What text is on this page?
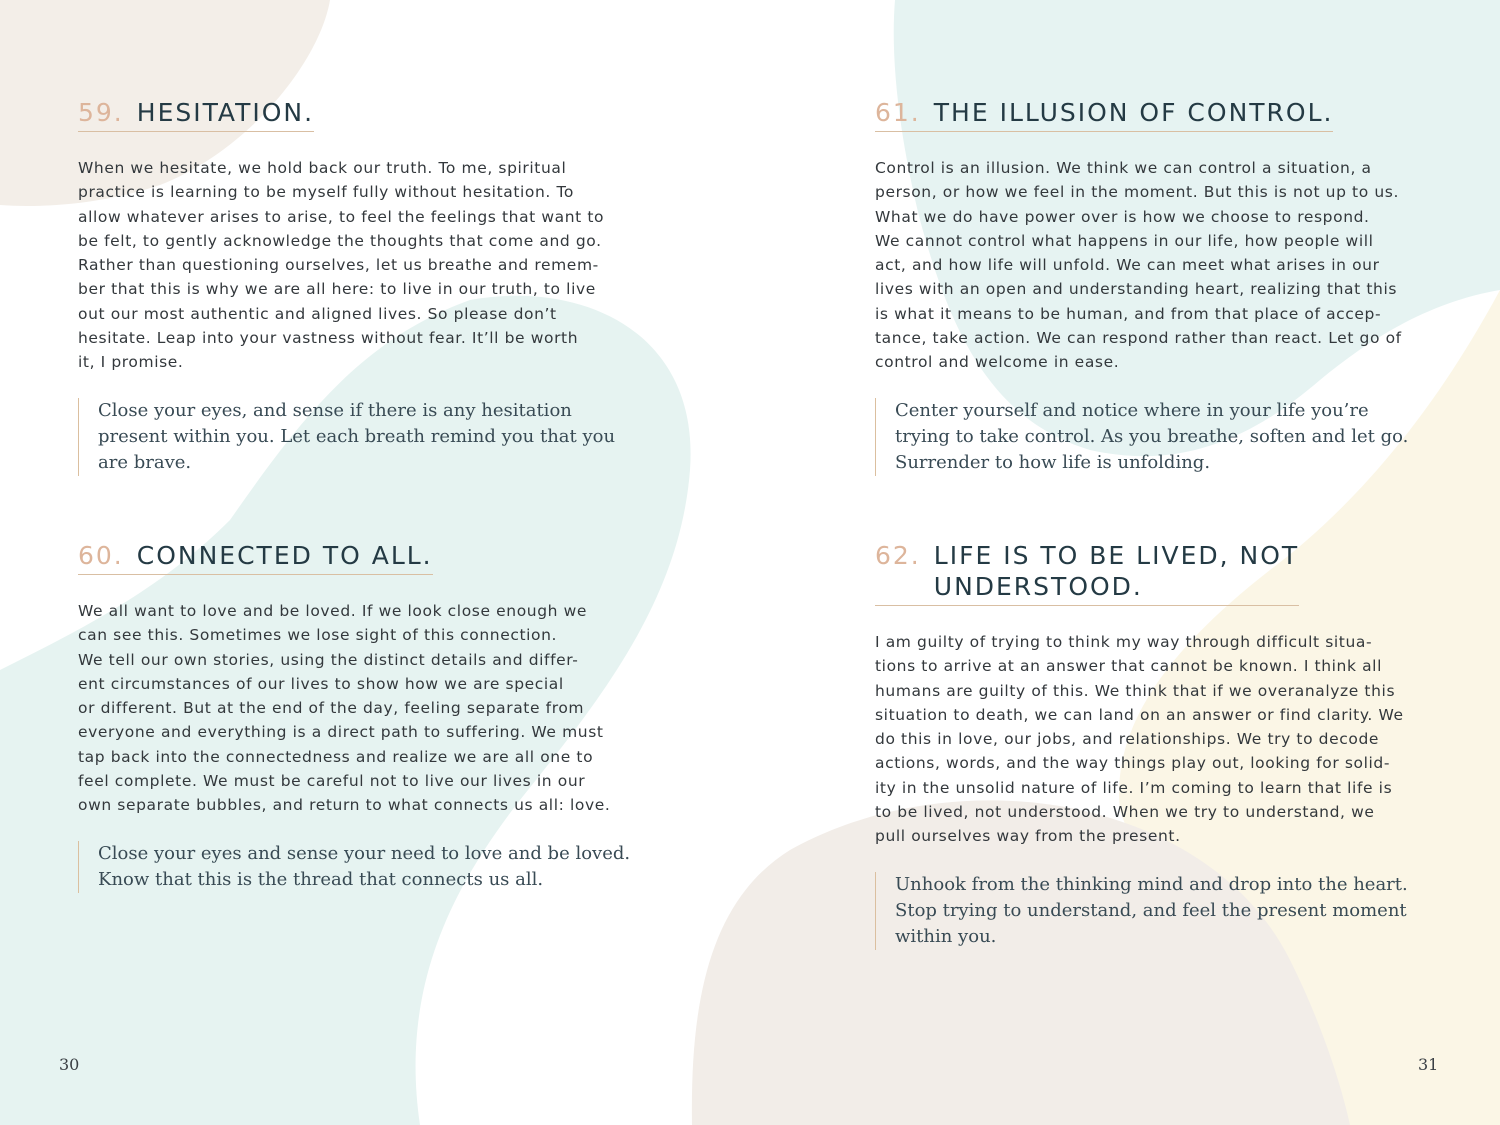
59. HESITATION.
When we hesitate, we hold back our truth. To me, spiritual
practice is learning to be myself fully without hesitation. To
allow whatever arises to arise, to feel the feelings that want to
be felt, to gently acknowledge the thoughts that come and go.
Rather than questioning ourselves, let us breathe and remem-
ber that this is why we are all here: to live in our truth, to live
out our most authentic and aligned lives. So please don’t
hesitate. Leap into your vastness without fear. It’ll be worth
it, I promise.
Close your eyes, and sense if there is any hesitation
present within you. Let each breath remind you that you
are brave.
60. CONNECTED TO ALL.
We all want to love and be loved. If we look close enough we
can see this. Sometimes we lose sight of this connection.
We tell our own stories, using the distinct details and differ-
ent circumstances of our lives to show how we are special
or different. But at the end of the day, feeling separate from
everyone and everything is a direct path to suffering. We must
tap back into the connectedness and realize we are all one to
feel complete. We must be careful not to live our lives in our
own separate bubbles, and return to what connects us all: love.
Close your eyes and sense your need to love and be loved.
Know that this is the thread that connects us all.
61. THE ILLUSION OF CONTROL.
Control is an illusion. We think we can control a situation, a
person, or how we feel in the moment. But this is not up to us.
What we do have power over is how we choose to respond.
We cannot control what happens in our life, how people will
act, and how life will unfold. We can meet what arises in our
lives with an open and understanding heart, realizing that this
is what it means to be human, and from that place of accep-
tance, take action. We can respond rather than react. Let go of
control and welcome in ease.
Center yourself and notice where in your life you’re
trying to take control. As you breathe, soften and let go.
Surrender to how life is unfolding.
62. LIFE IS TO BE LIVED, NOT
UNDERSTOOD.
I am guilty of trying to think my way through difficult situa-
tions to arrive at an answer that cannot be known. I think all
humans are guilty of this. We think that if we overanalyze this
situation to death, we can land on an answer or find clarity. We
do this in love, our jobs, and relationships. We try to decode
actions, words, and the way things play out, looking for solid-
ity in the unsolid nature of life. I’m coming to learn that life is
to be lived, not understood. When we try to understand, we
pull ourselves way from the present.
Unhook from the thinking mind and drop into the heart.
Stop trying to understand, and feel the present moment
within you.
30	31
